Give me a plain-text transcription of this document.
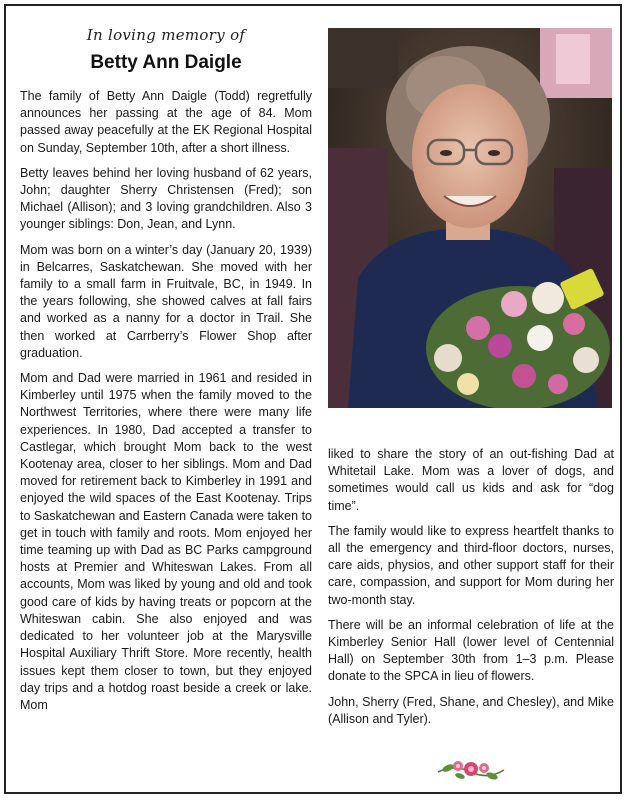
In loving memory of
Betty Ann Daigle

The family of Betty Ann Daigle (Todd) regretfully announces her passing at the age of 84. Mom passed away peacefully at the EK Regional Hospital on Sunday, September 10th, after a short illness.

Betty leaves behind her loving husband of 62 years, John; daughter Sherry Christensen (Fred); son Michael (Allison); and 3 loving grandchildren. Also 3 younger siblings: Don, Jean, and Lynn.

Mom was born on a winter’s day (January 20, 1939) in Belcarres, Saskatchewan. She moved with her family to a small farm in Fruitvale, BC, in 1949. In the years following, she showed calves at fall fairs and worked as a nanny for a doctor in Trail. She then worked at Carrberry’s Flower Shop after graduation.

Mom and Dad were married in 1961 and resided in Kimberley until 1975 when the family moved to the Northwest Territories, where there were many life experiences. In 1980, Dad accepted a transfer to Castlegar, which brought Mom back to the west Kootenay area, closer to her siblings. Mom and Dad moved for retirement back to Kimberley in 1991 and enjoyed the wild spaces of the East Kootenay. Trips to Saskatchewan and Eastern Canada were taken to get in touch with family and roots. Mom enjoyed her time teaming up with Dad as BC Parks campground hosts at Premier and Whiteswan Lakes. From all accounts, Mom was liked by young and old and took good care of kids by having treats or popcorn at the Whiteswan cabin. She also enjoyed and was dedicated to her volunteer job at the Marysville Hospital Auxiliary Thrift Store. More recently, health issues kept them closer to town, but they enjoyed day trips and a hotdog roast beside a creek or lake. Mom

liked to share the story of an out-fishing Dad at Whitetail Lake. Mom was a lover of dogs, and sometimes would call us kids and ask for “dog time”.

The family would like to express heartfelt thanks to all the emergency and third-floor doctors, nurses, care aids, physios, and other support staff for their care, compassion, and support for Mom during her two-month stay.

There will be an informal celebration of life at the Kimberley Senior Hall (lower level of Centennial Hall) on September 30th from 1–3 p.m. Please donate to the SPCA in lieu of flowers.

John, Sherry (Fred, Shane, and Chesley), and Mike (Allison and Tyler).
